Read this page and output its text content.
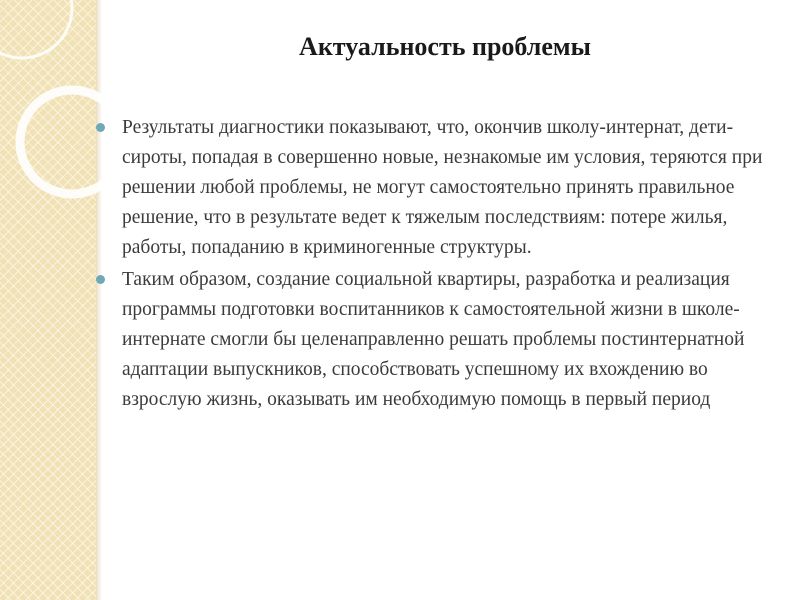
Актуальность проблемы
Результаты диагностики показывают, что, окончив школу-интернат, дети-сироты, попадая в совершенно новые, незнакомые им условия, теряются при решении любой проблемы, не могут самостоятельно принять правильное решение, что в результате ведет к тяжелым последствиям: потере жилья, работы, попаданию в криминогенные структуры.
Таким образом, создание социальной квартиры, разработка и реализация программы подготовки воспитанников к самостоятельной жизни в школе-интернате смогли бы целенаправленно решать проблемы постинтернатной адаптации выпускников, способствовать успешному их вхождению во взрослую жизнь, оказывать им необходимую помощь в первый период
